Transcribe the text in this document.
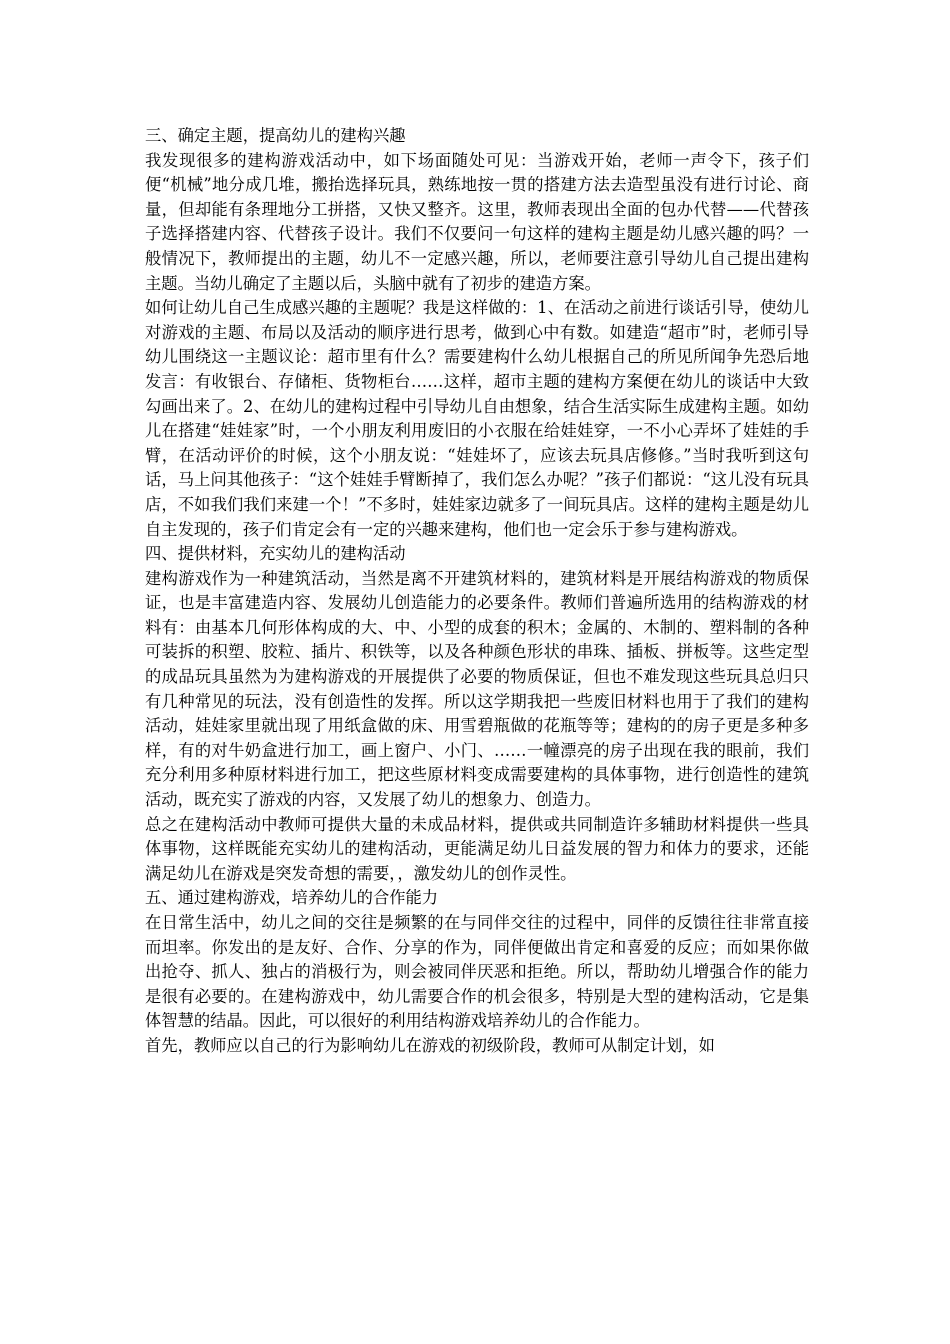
三、确定主题，提高幼儿的建构兴趣

我发现很多的建构游戏活动中，如下场面随处可见：当游戏开始，老师一声令下，孩子们便“机械”地分成几堆，搬抬选择玩具，熟练地按一贯的搭建方法去造型虽没有进行讨论、商量，但却能有条理地分工拼搭，又快又整齐。这里，教师表现出全面的包办代替——代替孩子选择搭建内容、代替孩子设计。我们不仅要问一句这样的建构主题是幼儿感兴趣的吗？一般情况下，教师提出的主题，幼儿不一定感兴趣，所以，老师要注意引导幼儿自己提出建构主题。当幼儿确定了主题以后，头脑中就有了初步的建造方案。

如何让幼儿自己生成感兴趣的主题呢？我是这样做的：1、在活动之前进行谈话引导，使幼儿对游戏的主题、布局以及活动的顺序进行思考，做到心中有数。如建造“超市”时，老师引导幼儿围绕这一主题议论：超市里有什么？需要建构什么幼儿根据自己的所见所闻争先恐后地发言：有收银台、存储柜、货物柜台……这样，超市主题的建构方案便在幼儿的谈话中大致勾画出来了。2、在幼儿的建构过程中引导幼儿自由想象，结合生活实际生成建构主题。如幼儿在搭建“娃娃家”时，一个小朋友利用废旧的小衣服在给娃娃穿，一不小心弄坏了娃娃的手臂，在活动评价的时候，这个小朋友说：“娃娃坏了，应该去玩具店修修。”当时我听到这句话，马上问其他孩子：“这个娃娃手臂断掉了，我们怎么办呢？”孩子们都说：“这儿没有玩具店，不如我们我们来建一个！”不多时，娃娃家边就多了一间玩具店。这样的建构主题是幼儿自主发现的，孩子们肯定会有一定的兴趣来建构，他们也一定会乐于参与建构游戏。

四、提供材料，充实幼儿的建构活动

建构游戏作为一种建筑活动，当然是离不开建筑材料的，建筑材料是开展结构游戏的物质保证，也是丰富建造内容、发展幼儿创造能力的必要条件。教师们普遍所选用的结构游戏的材料有：由基本几何形体构成的大、中、小型的成套的积木；金属的、木制的、塑料制的各种可装拆的积塑、胶粒、插片、积铁等，以及各种颜色形状的串珠、插板、拼板等。这些定型的成品玩具虽然为为建构游戏的开展提供了必要的物质保证，但也不难发现这些玩具总归只有几种常见的玩法，没有创造性的发挥。所以这学期我把一些废旧材料也用于了我们的建构活动，娃娃家里就出现了用纸盒做的床、用雪碧瓶做的花瓶等等；建构的的房子更是多种多样，有的对牛奶盒进行加工，画上窗户、小门、……一幢漂亮的房子出现在我的眼前，我们充分利用多种原材料进行加工，把这些原材料变成需要建构的具体事物，进行创造性的建筑活动，既充实了游戏的内容，又发展了幼儿的想象力、创造力。

总之在建构活动中教师可提供大量的未成品材料，提供或共同制造许多辅助材料提供一些具体事物，这样既能充实幼儿的建构活动，更能满足幼儿日益发展的智力和体力的要求，还能满足幼儿在游戏是突发奇想的需要，，激发幼儿的创作灵性。

五、通过建构游戏，培养幼儿的合作能力

在日常生活中，幼儿之间的交往是频繁的在与同伴交往的过程中，同伴的反馈往往非常直接而坦率。你发出的是友好、合作、分享的作为，同伴便做出肯定和喜爱的反应；而如果你做出抢夺、抓人、独占的消极行为，则会被同伴厌恶和拒绝。所以，帮助幼儿增强合作的能力是很有必要的。在建构游戏中，幼儿需要合作的机会很多，特别是大型的建构活动，它是集体智慧的结晶。因此，可以很好的利用结构游戏培养幼儿的合作能力。

首先，教师应以自己的行为影响幼儿在游戏的初级阶段，教师可从制定计划，如
